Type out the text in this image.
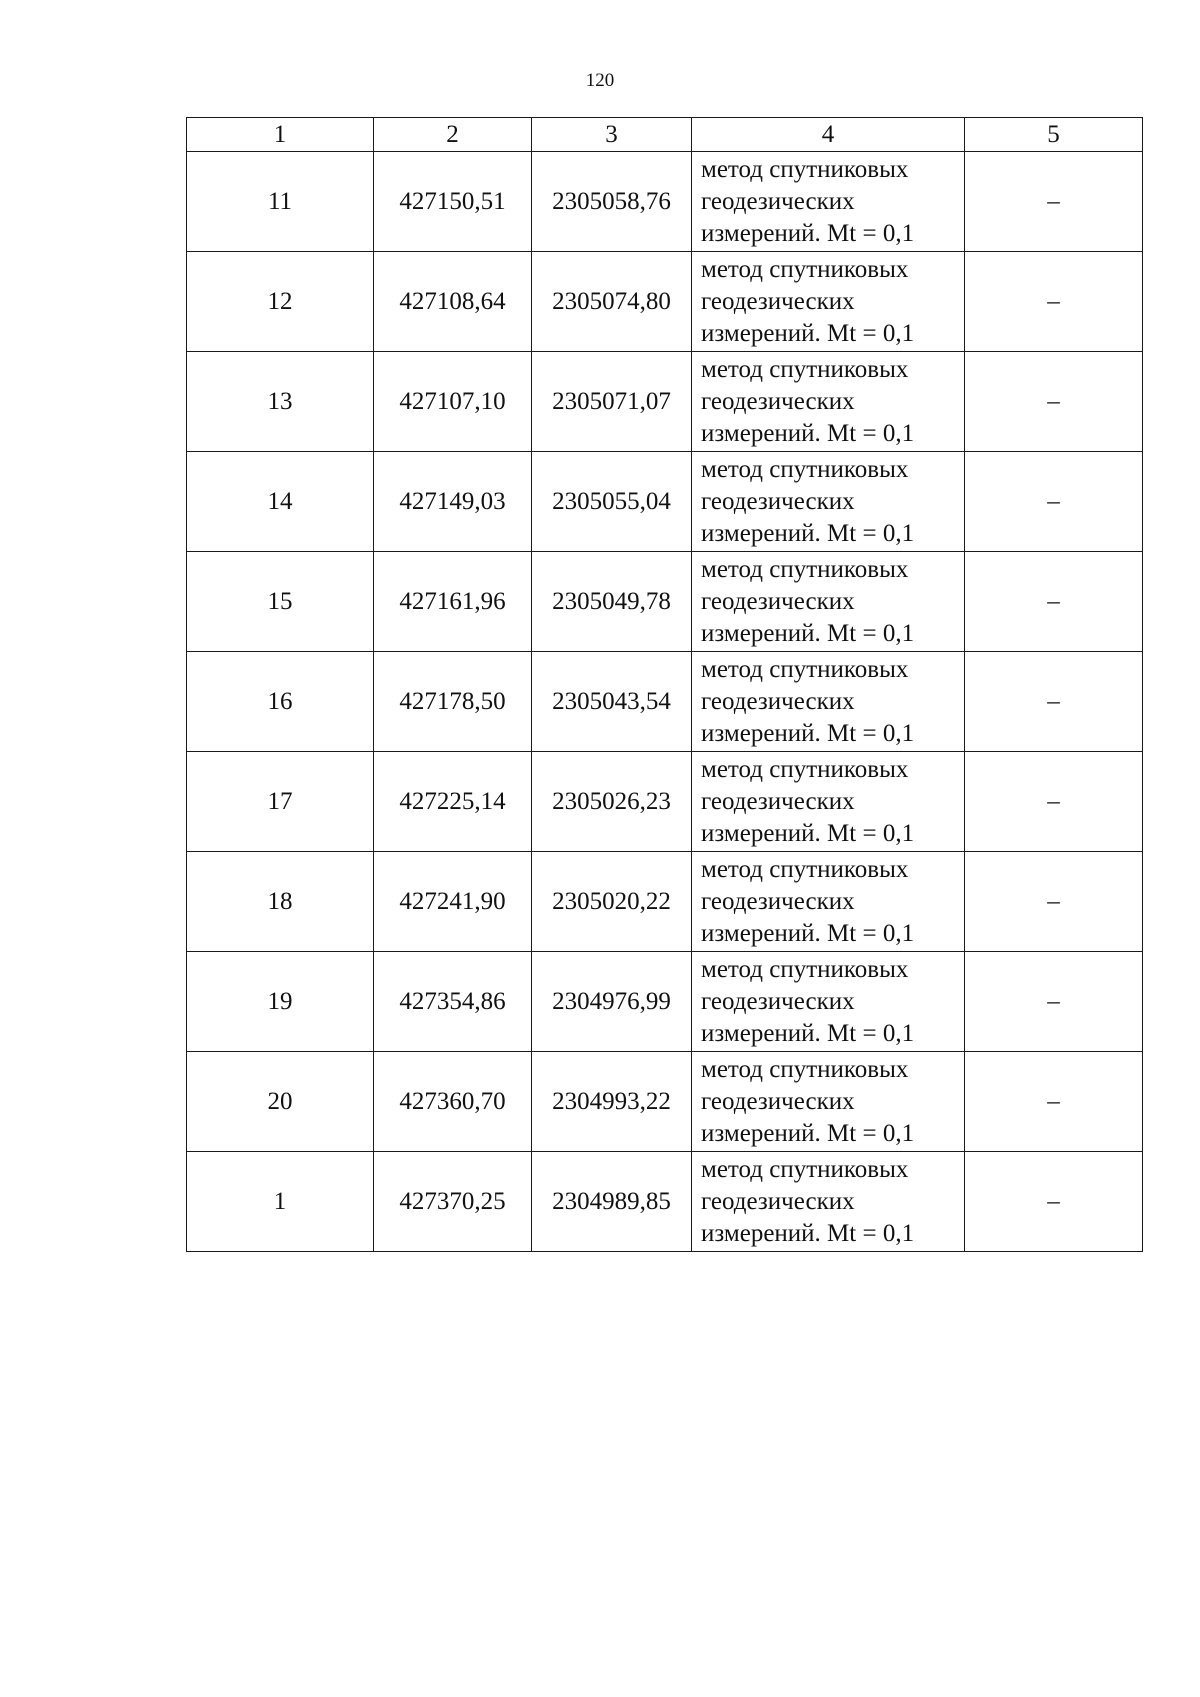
120
1	2	3	4	5
11	427150,51	2305058,76	метод спутниковых
геодезических
измерений. Mt = 0,1	–
12	427108,64	2305074,80	метод спутниковых
геодезических
измерений. Mt = 0,1	–
13	427107,10	2305071,07	метод спутниковых
геодезических
измерений. Mt = 0,1	–
14	427149,03	2305055,04	метод спутниковых
геодезических
измерений. Mt = 0,1	–
15	427161,96	2305049,78	метод спутниковых
геодезических
измерений. Mt = 0,1	–
16	427178,50	2305043,54	метод спутниковых
геодезических
измерений. Mt = 0,1	–
17	427225,14	2305026,23	метод спутниковых
геодезических
измерений. Mt = 0,1	–
18	427241,90	2305020,22	метод спутниковых
геодезических
измерений. Mt = 0,1	–
19	427354,86	2304976,99	метод спутниковых
геодезических
измерений. Mt = 0,1	–
20	427360,70	2304993,22	метод спутниковых
геодезических
измерений. Mt = 0,1	–
1	427370,25	2304989,85	метод спутниковых
геодезических
измерений. Mt = 0,1	–
